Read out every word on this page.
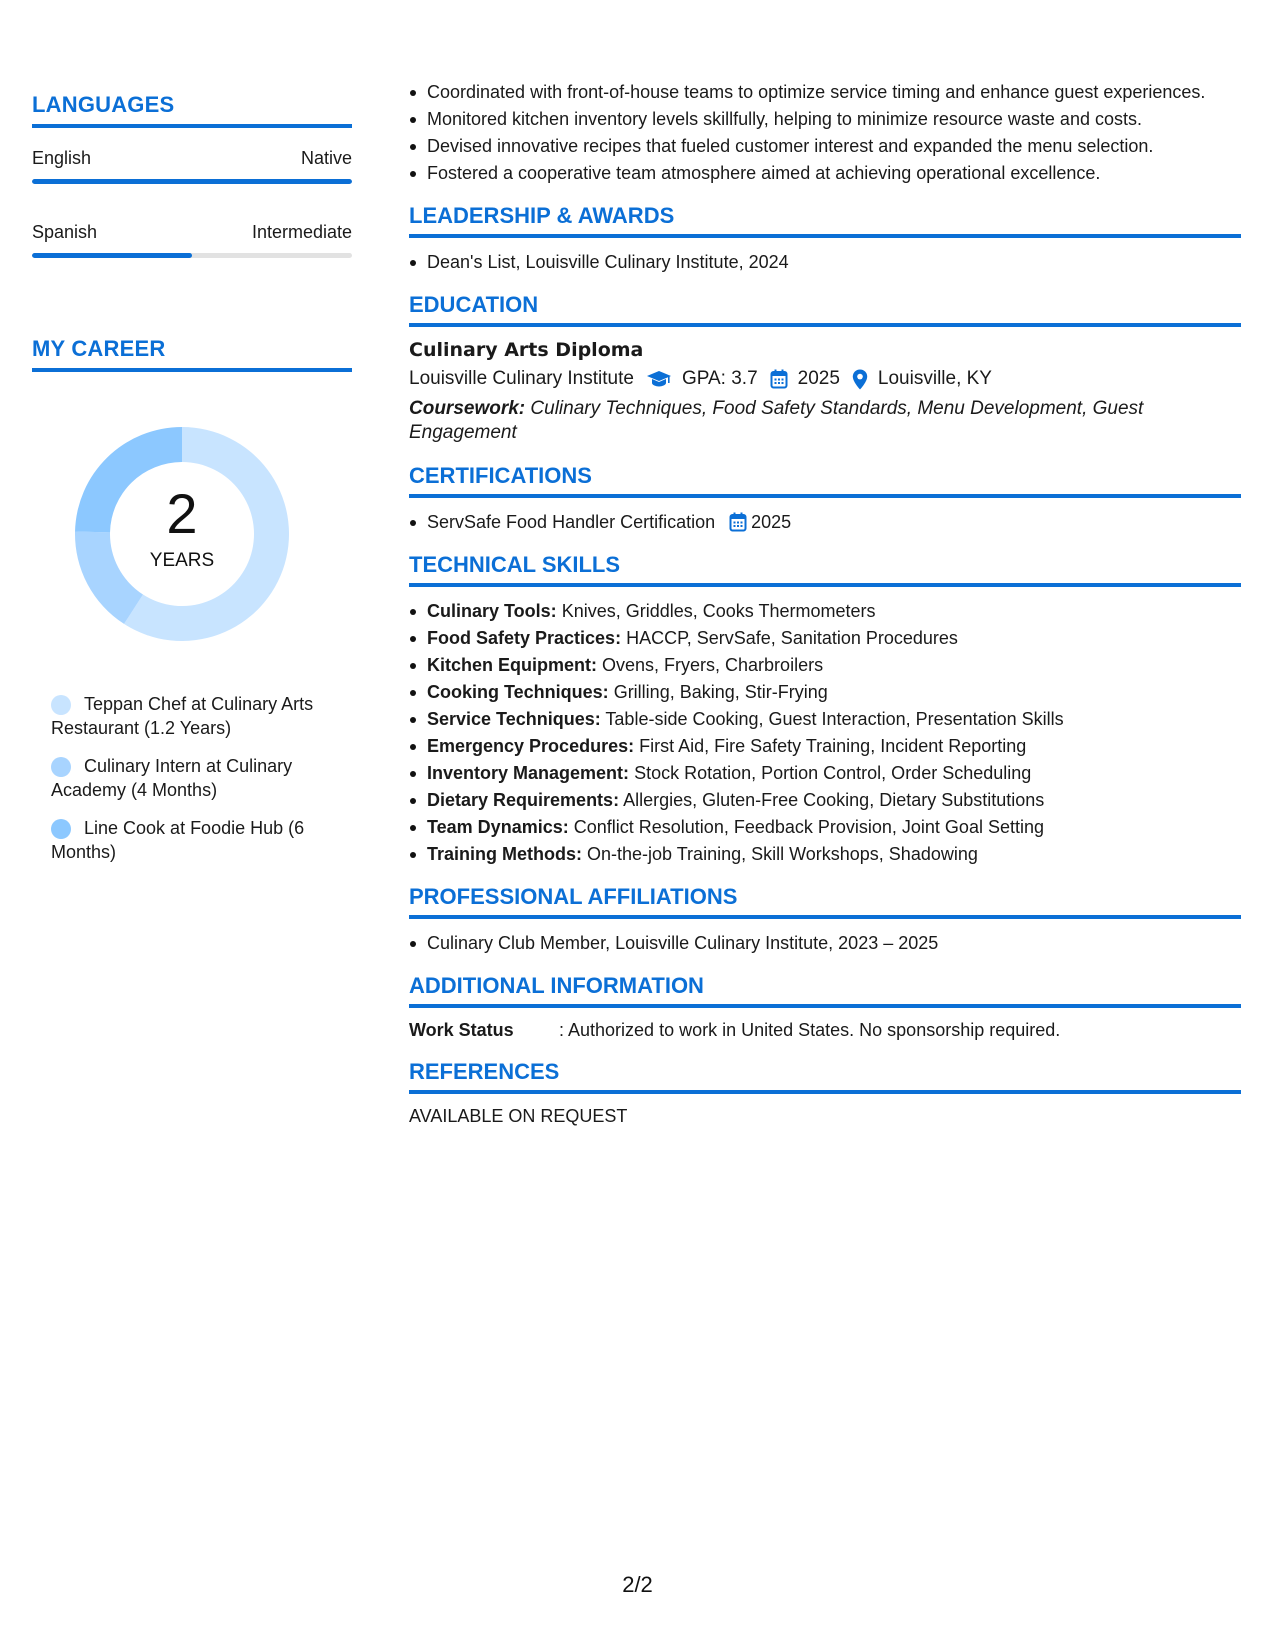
LANGUAGES
English	Native
Spanish	Intermediate
MY CAREER
2
YEARS
Teppan Chef at Culinary Arts Restaurant (1.2 Years)
Culinary Intern at Culinary Academy (4 Months)
Line Cook at Foodie Hub (6 Months)
Coordinated with front-of-house teams to optimize service timing and enhance guest experiences.
Monitored kitchen inventory levels skillfully, helping to minimize resource waste and costs.
Devised innovative recipes that fueled customer interest and expanded the menu selection.
Fostered a cooperative team atmosphere aimed at achieving operational excellence.
LEADERSHIP & AWARDS
Dean's List, Louisville Culinary Institute, 2024
EDUCATION
Culinary Arts Diploma
Louisville Culinary Institute	GPA: 3.7 2025 Louisville, KY
Coursework: Culinary Techniques, Food Safety Standards, Menu Development, Guest Engagement
CERTIFICATIONS
ServSafe Food Handler Certification 2025
TECHNICAL SKILLS
Culinary Tools: Knives, Griddles, Cooks Thermometers
Food Safety Practices: HACCP, ServSafe, Sanitation Procedures
Kitchen Equipment: Ovens, Fryers, Charbroilers
Cooking Techniques: Grilling, Baking, Stir-Frying
Service Techniques: Table-side Cooking, Guest Interaction, Presentation Skills
Emergency Procedures: First Aid, Fire Safety Training, Incident Reporting
Inventory Management: Stock Rotation, Portion Control, Order Scheduling
Dietary Requirements: Allergies, Gluten-Free Cooking, Dietary Substitutions
Team Dynamics: Conflict Resolution, Feedback Provision, Joint Goal Setting
Training Methods: On-the-job Training, Skill Workshops, Shadowing
PROFESSIONAL AFFILIATIONS
Culinary Club Member, Louisville Culinary Institute, 2023 – 2025
ADDITIONAL INFORMATION
Work Status	: Authorized to work in United States. No sponsorship required.
REFERENCES
AVAILABLE ON REQUEST
2/2
